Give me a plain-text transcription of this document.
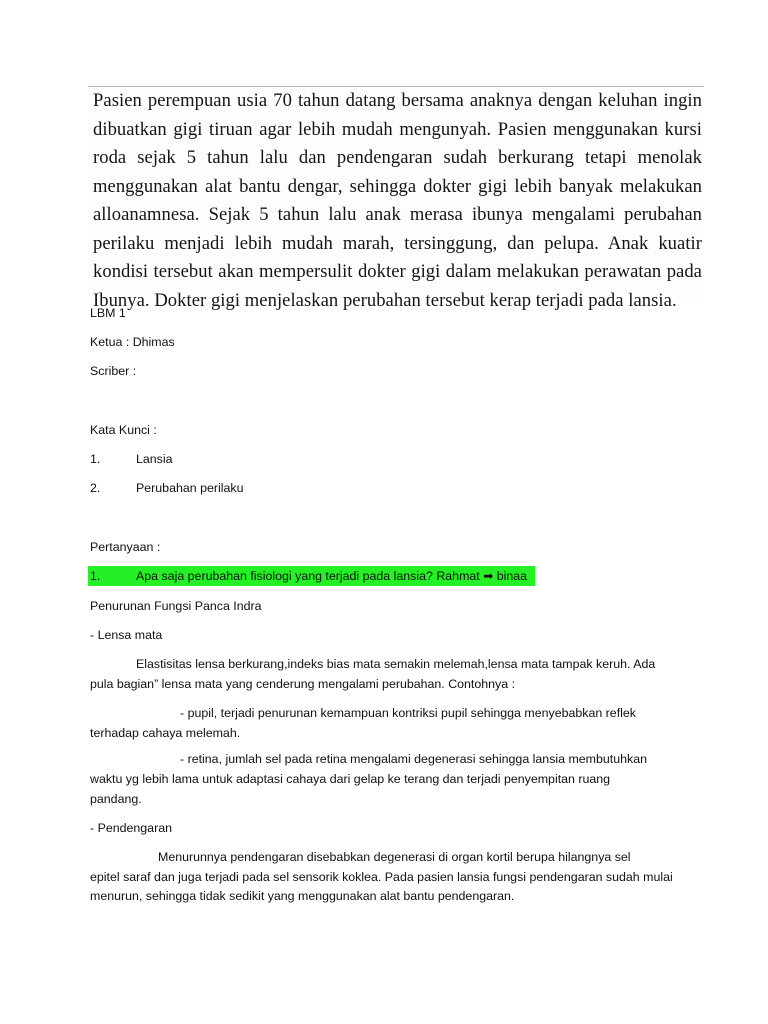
Pasien perempuan usia 70 tahun datang bersama anaknya dengan keluhan ingin dibuatkan gigi tiruan agar lebih mudah mengunyah. Pasien menggunakan kursi roda sejak 5 tahun lalu dan pendengaran sudah berkurang tetapi menolak menggunakan alat bantu dengar, sehingga dokter gigi lebih banyak melakukan alloanamnesa. Sejak 5 tahun lalu anak merasa ibunya mengalami perubahan perilaku menjadi lebih mudah marah, tersinggung, dan pelupa. Anak kuatir kondisi tersebut akan mempersulit dokter gigi dalam melakukan perawatan pada Ibunya. Dokter gigi menjelaskan perubahan tersebut kerap terjadi pada lansia.

LBM 1
Ketua : Dhimas
Scriber :
Kata Kunci :
1.	Lansia
2.	Perubahan perilaku
Pertanyaan :
1.	Apa saja perubahan fisiologi yang terjadi pada lansia? Rahmat ➡ binaa
Penurunan Fungsi Panca Indra
- Lensa mata
Elastisitas lensa berkurang,indeks bias mata semakin melemah,lensa mata tampak keruh. Ada
pula bagian” lensa mata yang cenderung mengalami perubahan. Contohnya :
- pupil, terjadi penurunan kemampuan kontriksi pupil sehingga menyebabkan reflek
terhadap cahaya melemah.
- retina, jumlah sel pada retina mengalami degenerasi sehingga lansia membutuhkan
waktu yg lebih lama untuk adaptasi cahaya dari gelap ke terang dan terjadi penyempitan ruang
pandang.
- Pendengaran
Menurunnya pendengaran disebabkan degenerasi di organ kortil berupa hilangnya sel
epitel saraf dan juga terjadi pada sel sensorik koklea. Pada pasien lansia fungsi pendengaran sudah mulai
menurun, sehingga tidak sedikit yang menggunakan alat bantu pendengaran.
